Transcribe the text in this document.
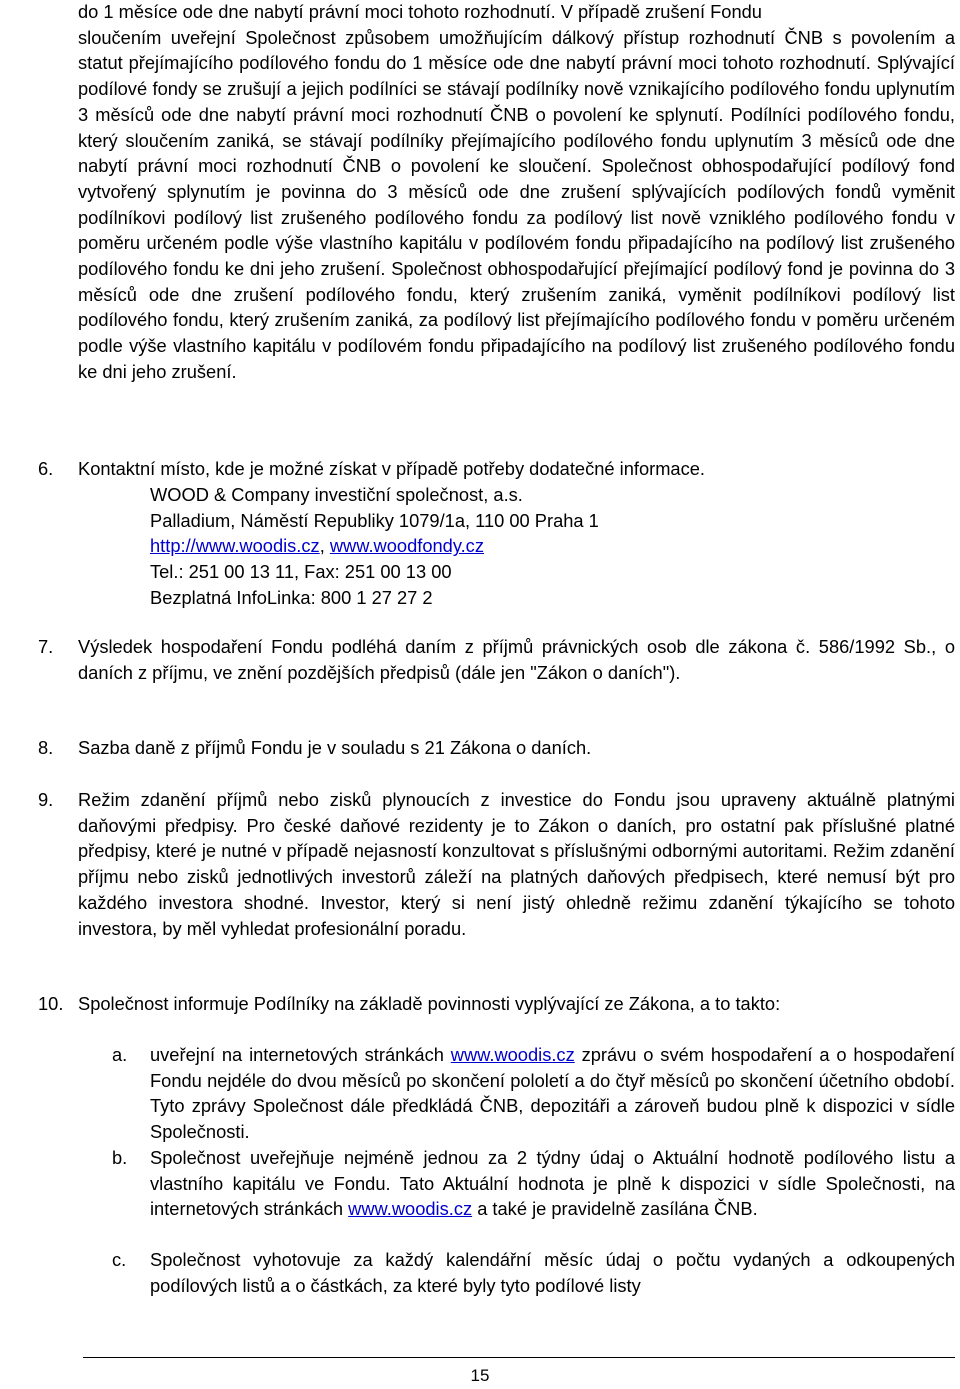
do 1 měsíce ode dne nabytí právní moci tohoto rozhodnutí. V případě zrušení Fondu

sloučením uveřejní Společnost způsobem umožňujícím dálkový přístup rozhodnutí ČNB s povolením a statut přejímajícího podílového fondu do 1 měsíce ode dne nabytí právní moci tohoto rozhodnutí. Splývající podílové fondy se zrušují a jejich podílníci se stávají podílníky nově vznikajícího podílového fondu uplynutím 3 měsíců ode dne nabytí právní moci rozhodnutí ČNB o povolení ke splynutí. Podílníci podílového fondu, který sloučením zaniká, se stávají podílníky přejímajícího podílového fondu uplynutím 3 měsíců ode dne nabytí právní moci rozhodnutí ČNB o povolení ke sloučení. Společnost obhospodařující podílový fond vytvořený splynutím je povinna do 3 měsíců ode dne zrušení splývajících podílových fondů vyměnit podílníkovi podílový list zrušeného podílového fondu za podílový list nově vzniklého podílového fondu v poměru určeném podle výše vlastního kapitálu v podílovém fondu připadajícího na podílový list zrušeného podílového fondu ke dni jeho zrušení. Společnost obhospodařující přejímající podílový fond je povinna do 3 měsíců ode dne zrušení podílového fondu, který zrušením zaniká, vyměnit podílníkovi podílový list podílového fondu, který zrušením zaniká, za podílový list přejímajícího podílového fondu v poměru určeném podle výše vlastního kapitálu v podílovém fondu připadajícího na podílový list zrušeného podílového fondu ke dni jeho zrušení.

6. Kontaktní místo, kde je možné získat v případě potřeby dodatečné informace.

WOOD & Company investiční společnost, a.s.
Palladium, Náměstí Republiky 1079/1a, 110 00 Praha 1
http://www.woodis.cz, www.woodfondy.cz
Tel.: 251 00 13 11, Fax: 251 00 13 00
Bezplatná InfoLinka: 800 1 27 27 2
7. Výsledek hospodaření Fondu podléhá daním z příjmů právnických osob dle zákona č. 586/1992 Sb., o daních z příjmu, ve znění pozdějších předpisů (dále jen "Zákon o daních").

8. Sazba daně z příjmů Fondu je v souladu s 21 Zákona o daních.

9. Režim zdanění příjmů nebo zisků plynoucích z investice do Fondu jsou upraveny aktuálně platnými daňovými předpisy. Pro české daňové rezidenty je to Zákon o daních, pro ostatní pak příslušné platné předpisy, které je nutné v případě nejasností konzultovat s příslušnými odbornými autoritami. Režim zdanění příjmu nebo zisků jednotlivých investorů záleží na platných daňových předpisech, které nemusí být pro každého investora shodné. Investor, který si není jistý ohledně režimu zdanění týkajícího se tohoto investora, by měl vyhledat profesionální poradu.

10. Společnost informuje Podílníky na základě povinnosti vyplývající ze Zákona, a to takto:

a. uveřejní na internetových stránkách www.woodis.cz zprávu o svém hospodaření a o hospodaření Fondu nejdéle do dvou měsíců po skončení pololetí a do čtyř měsíců po skončení účetního období. Tyto zprávy Společnost dále předkládá ČNB, depozitáři a zároveň budou plně k dispozici v sídle Společnosti.

b. Společnost uveřejňuje nejméně jednou za 2 týdny údaj o Aktuální hodnotě podílového listu a vlastního kapitálu ve Fondu. Tato Aktuální hodnota je plně k dispozici v sídle Společnosti, na internetových stránkách www.woodis.cz a také je pravidelně zasílána ČNB.

c. Společnost vyhotovuje za každý kalendářní měsíc údaj o počtu vydaných a odkoupených podílových listů a o částkách, za které byly tyto podílové listy

15
